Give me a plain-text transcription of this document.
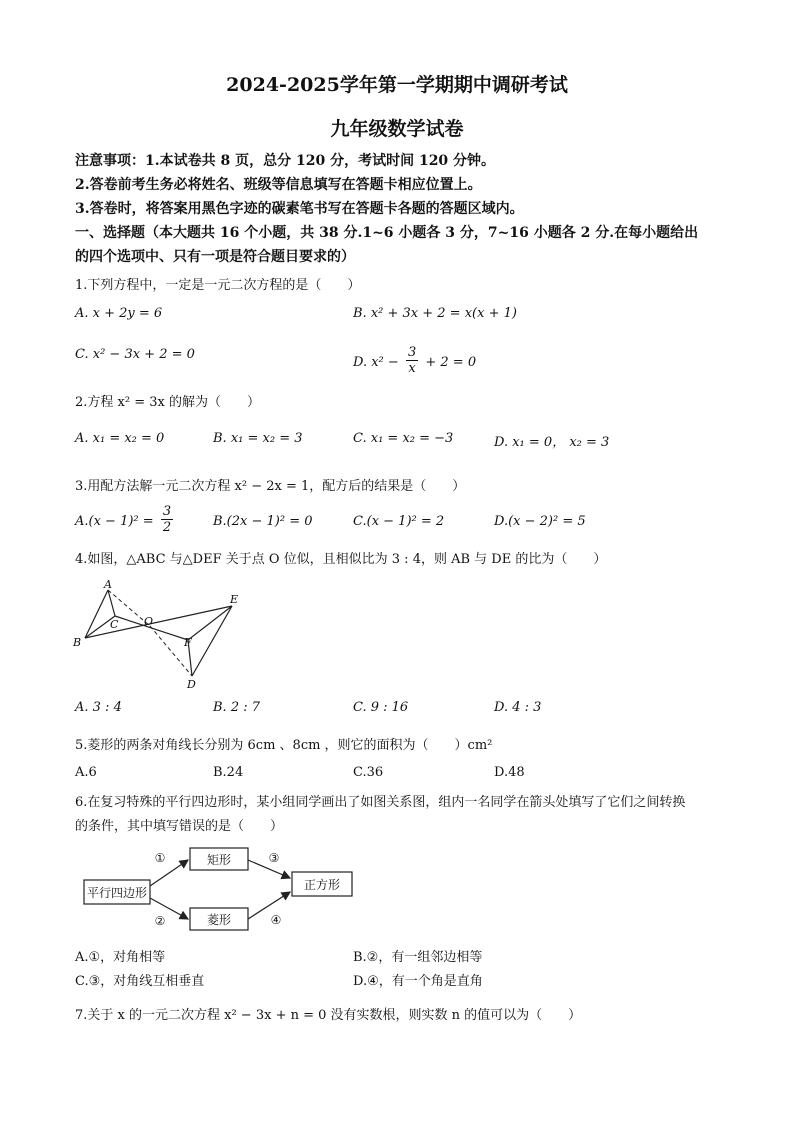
2024-2025学年第一学期期中调研考试
九年级数学试卷
注意事项：1.本试卷共 8 页，总分 120 分，考试时间 120 分钟。
2.答卷前考生务必将姓名、班级等信息填写在答题卡相应位置上。
3.答卷时，将答案用黑色字迹的碳素笔书写在答题卡各题的答题区域内。
一、选择题（本大题共 16 个小题，共 38 分.1~6 小题各 3 分，7~16 小题各 2 分.在每小题给出
的四个选项中、只有一项是符合题目要求的）
1.下列方程中，一定是一元二次方程的是（　　）
A. x + 2y = 6	B. x² + 3x + 2 = x(x + 1)
C. x² − 3x + 2 = 0
D. $x^2 - \frac{3}{x} + 2 = 0$
2.方程 x² = 3x 的解为（　　）
A. x₁ = x₂ = 0	B. x₁ = x₂ = 3	C. x₁ = x₂ = −3	D. x₁ = 0， x₂ = 3
3.用配方法解一元二次方程 x² − 2x = 1，配方后的结果是（　　）
$A.(x - 1)^2 = \frac{3}{2}$	B.(2x − 1)² = 0	C.(x − 1)² = 2	D.(x − 2)² = 5
4.如图，△ABC 与△DEF 关于点 O 位似，且相似比为 3 : 4，则 AB 与 DE 的比为（　　）
A
B
C O
E
F
D
A. 3 : 4	B. 2 : 7	C. 9 : 16	D. 4 : 3
5.菱形的两条对角线长分别为 6cm 、8cm ，则它的面积为（　　）cm²
A.6	B.24	C.36	D.48
6.在复习特殊的平行四边形时，某小组同学画出了如图关系图，组内一名同学在箭头处填写了它们之间转换
的条件，其中填写错误的是（　　）
平行四边形
矩形
菱形
正方形
①
②
③
④
A.①，对角相等	B.②，有一组邻边相等
C.③，对角线互相垂直	D.④，有一个角是直角
7.关于 x 的一元二次方程 x² − 3x + n = 0 没有实数根，则实数 n 的值可以为（　　）
